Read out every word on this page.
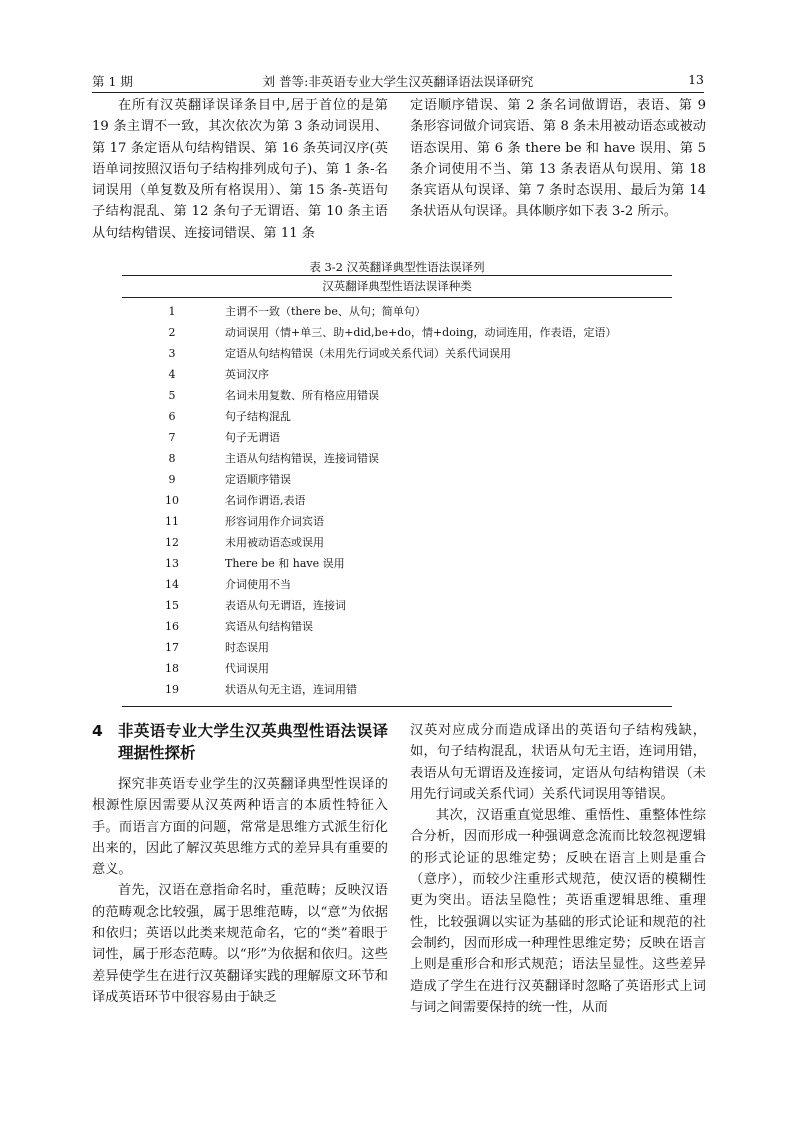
第 1 期	刘 普等:非英语专业大学生汉英翻译语法误译研究	13

在所有汉英翻译误译条目中,居于首位的是第 19 条主谓不一致，其次依次为第 3 条动词误用、第 17 条定语从句结构错误、第 16 条英词汉序(英语单词按照汉语句子结构排列成句子)、第 1 条-名词误用（单复数及所有格误用）、第 15 条-英语句子结构混乱、第 12 条句子无谓语、第 10 条主语从句结构错误、连接词错误、第 11 条

定语顺序错误、第 2 条名词做谓语，表语、第 9 条形容词做介词宾语、第 8 条未用被动语态或被动语态误用、第 6 条 there be 和 have 误用、第 5 条介词使用不当、第 13 条表语从句误用、第 18 条宾语从句误译、第 7 条时态误用、最后为第 14 条状语从句误译。具体顺序如下表 3-2 所示。

表 3-2 汉英翻译典型性语法误译列
汉英翻译典型性语法误译种类
1	主谓不一致（there be、从句；简单句）
2	动词误用（情+单三、助+did,be+do，情+doing，动词连用，作表语，定语）
3	定语从句结构错误（未用先行词或关系代词）关系代词误用
4	英词汉序
5	名词未用复数、所有格应用错误
6	句子结构混乱
7	句子无谓语
8	主语从句结构错误，连接词错误
9	定语顺序错误
10	名词作谓语,表语
11	形容词用作介词宾语
12	未用被动语态或误用
13	There be 和 have 误用
14	介词使用不当
15	表语从句无谓语，连接词
16	宾语从句结构错误
17	时态误用
18	代词误用
19	状语从句无主语，连词用错
4 非英语专业大学生汉英典型性语法误译理据性探析

探究非英语专业学生的汉英翻译典型性误译的根源性原因需要从汉英两种语言的本质性特征入手。而语言方面的问题，常常是思维方式派生衍化出来的，因此了解汉英思维方式的差异具有重要的意义。

首先，汉语在意指命名时，重范畴；反映汉语的范畴观念比较强，属于思维范畴，以“意”为依据和依归；英语以此类来规范命名，它的“类”着眼于词性，属于形态范畴。以“形”为依据和依归。这些差异使学生在进行汉英翻译实践的理解原文环节和译成英语环节中很容易由于缺乏

汉英对应成分而造成译出的英语句子结构残缺，如，句子结构混乱，状语从句无主语，连词用错，表语从句无谓语及连接词，定语从句结构错误（未用先行词或关系代词）关系代词误用等错误。

其次，汉语重直觉思维、重悟性、重整体性综合分析，因而形成一种强调意念流而比较忽视逻辑的形式论证的思维定势；反映在语言上则是重合（意序），而较少注重形式规范，使汉语的模糊性更为突出。语法呈隐性；英语重逻辑思维、重理性，比较强调以实证为基础的形式论证和规范的社会制约，因而形成一种理性思维定势；反映在语言上则是重形合和形式规范；语法呈显性。这些差异造成了学生在进行汉英翻译时忽略了英语形式上词与词之间需要保持的统一性，从而
